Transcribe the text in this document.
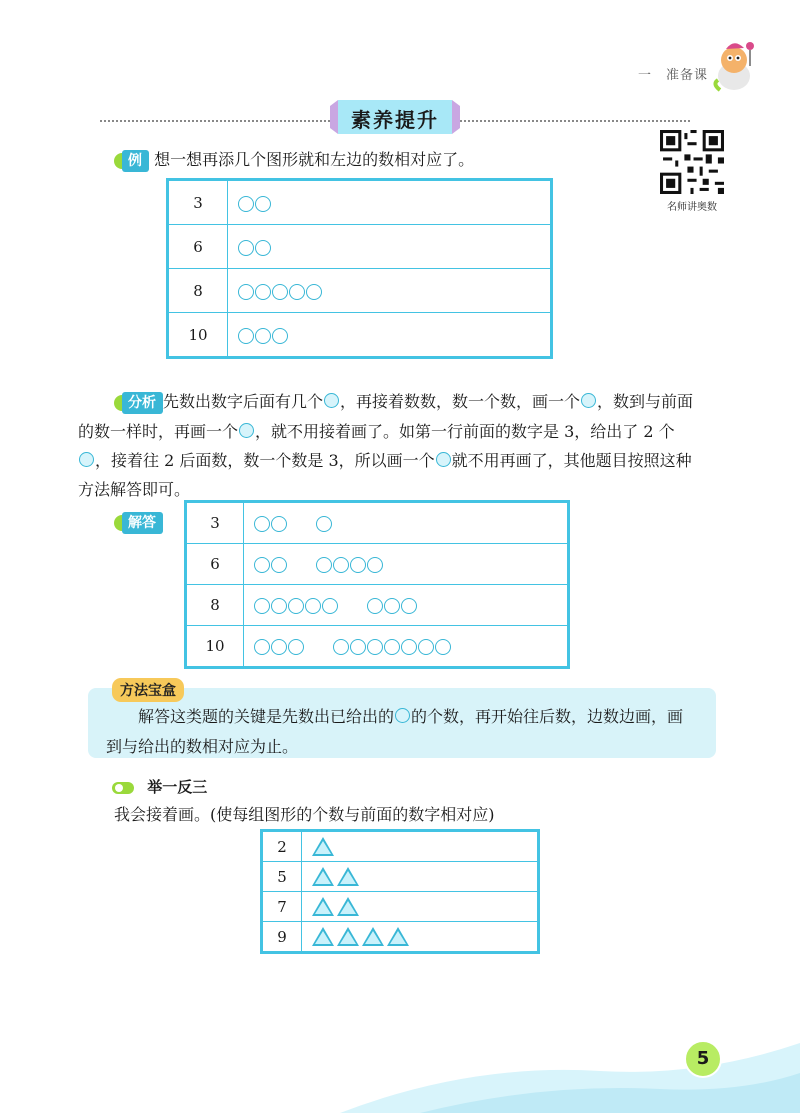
一　准备课
素养提升
名师讲奥数
例 想一想再添几个图形就和左边的数相对应了。
3	
6	
8	
10	
分析 先数出数字后面有几个 ，再接着数数，数一个数，画一个 ，数到与前面
的数一样时，再画一个 ，就不用接着画了。如第一行前面的数字是 3，给出了 2 个
，接着往 2 后面数，数一个数是 3，所以画一个 就不用再画了，其他题目按照这种
方法解答即可。
解答	3	
6	
8	
10	
方法宝盒
解答这类题的关键是先数出已给出的 的个数，再开始往后数，边数边画，画
到与给出的数相对应为止。
举一反三
我会接着画。(使每组图形的个数与前面的数字相对应)
2	
5	
7	
9	
5
